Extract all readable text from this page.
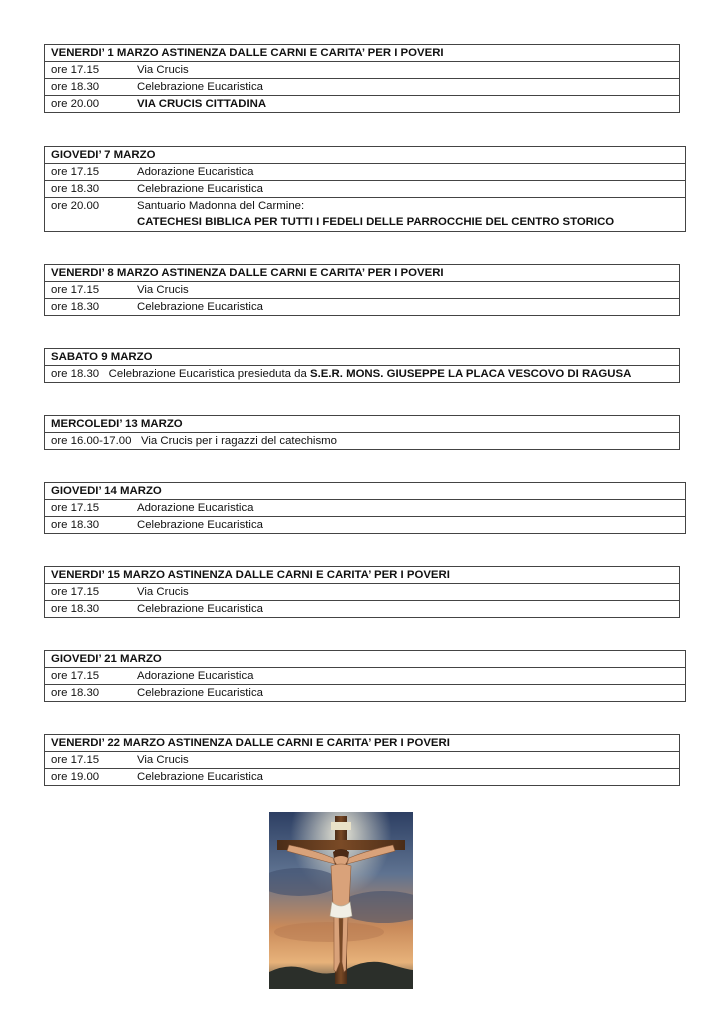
VENERDI’ 1 MARZO ASTINENZA DALLE CARNI E CARITA’ PER I POVERI
ore 17.15	Via Crucis
ore 18.30	Celebrazione Eucaristica
ore 20.00	VIA CRUCIS CITTADINA
GIOVEDI’ 7 MARZO
ore 17.15	Adorazione Eucaristica
ore 18.30	Celebrazione Eucaristica
ore 20.00	Santuario Madonna del Carmine:
CATECHESI BIBLICA PER TUTTI I FEDELI DELLE PARROCCHIE DEL CENTRO STORICO
VENERDI’ 8 MARZO ASTINENZA DALLE CARNI E CARITA’ PER I POVERI
ore 17.15	Via Crucis
ore 18.30	Celebrazione Eucaristica
SABATO 9 MARZO
ore 18.30 Celebrazione Eucaristica presieduta da S.E.R. MONS. GIUSEPPE LA PLACA VESCOVO DI RAGUSA
MERCOLEDI’ 13 MARZO
ore 16.00-17.00 Via Crucis per i ragazzi del catechismo
GIOVEDI’ 14 MARZO
ore 17.15	Adorazione Eucaristica
ore 18.30	Celebrazione Eucaristica
VENERDI’ 15 MARZO ASTINENZA DALLE CARNI E CARITA’ PER I POVERI
ore 17.15	Via Crucis
ore 18.30	Celebrazione Eucaristica
GIOVEDI’ 21 MARZO
ore 17.15	Adorazione Eucaristica
ore 18.30	Celebrazione Eucaristica
VENERDI’ 22 MARZO ASTINENZA DALLE CARNI E CARITA’ PER I POVERI
ore 17.15	Via Crucis
ore 19.00	Celebrazione Eucaristica
